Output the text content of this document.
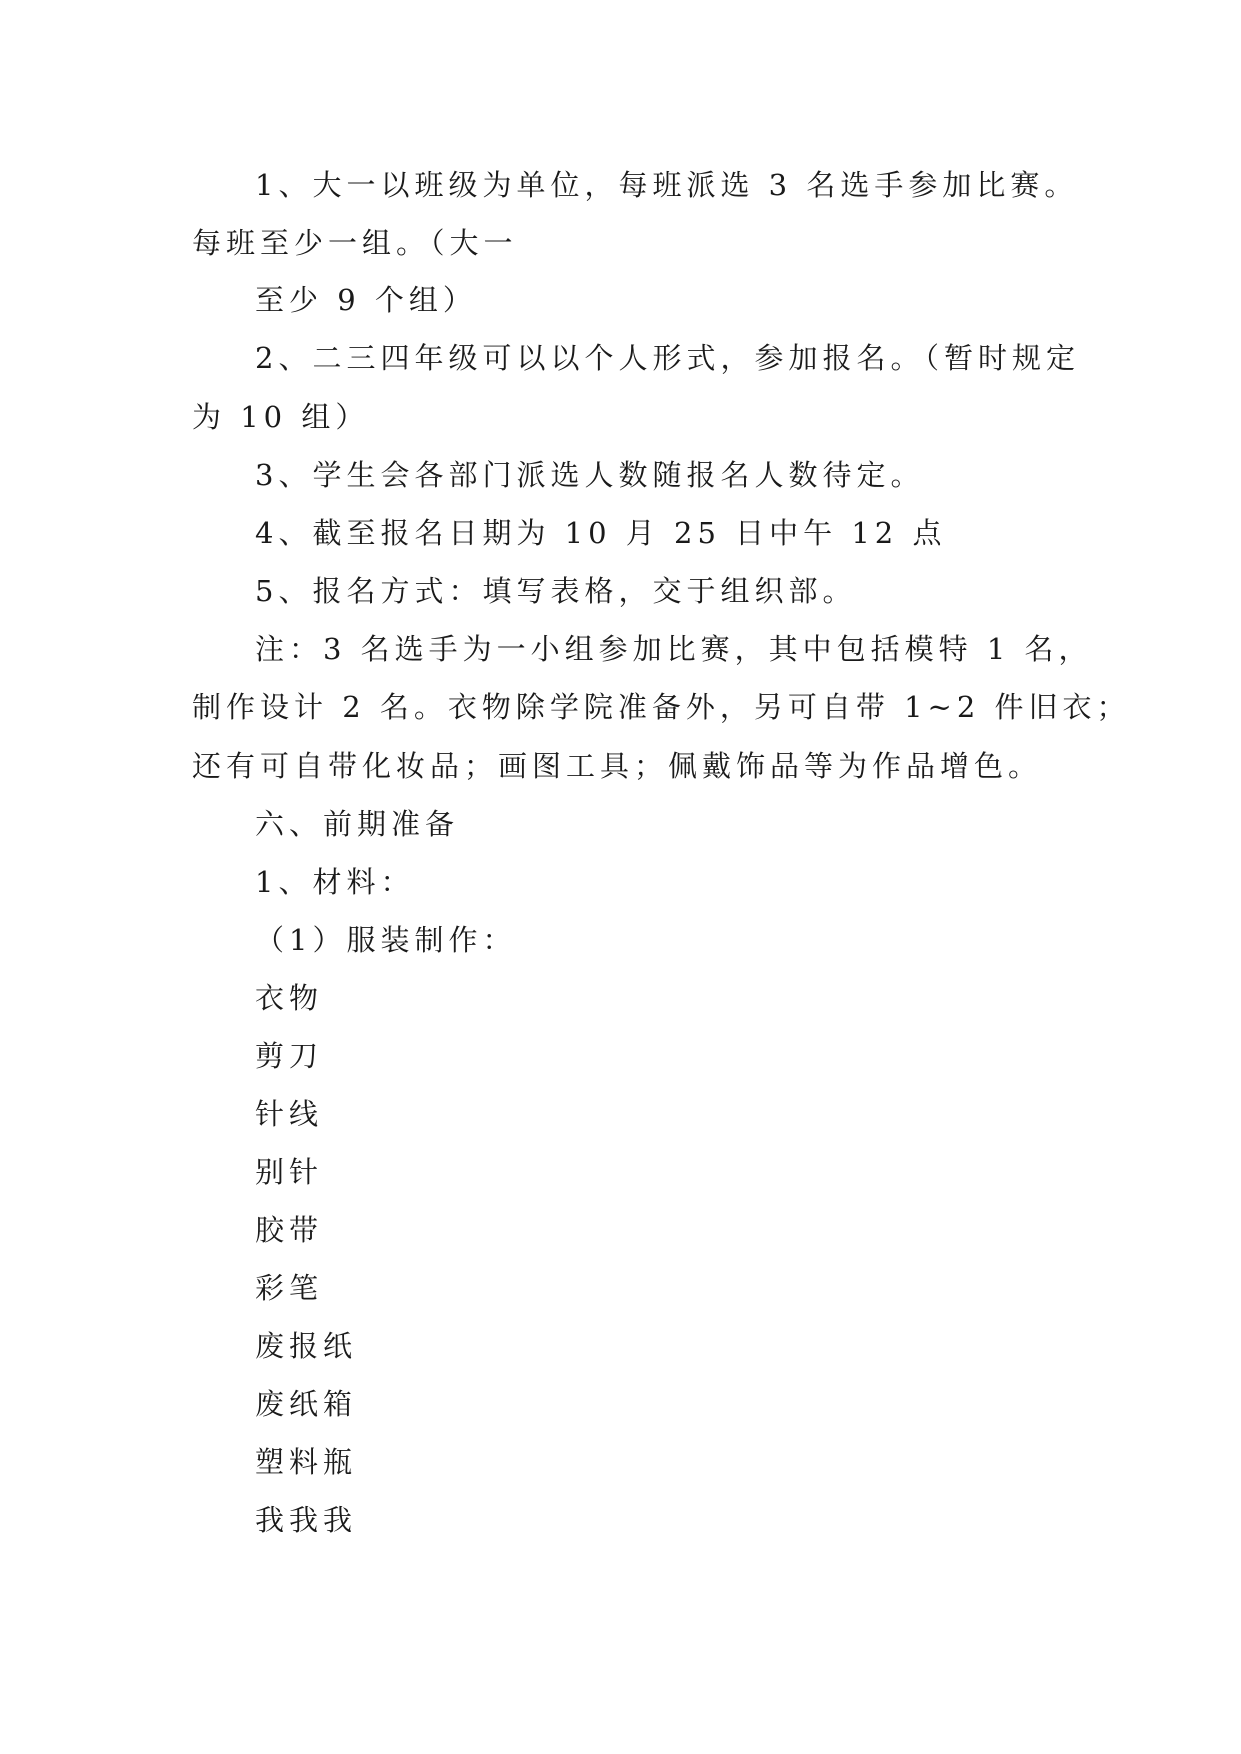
1、大一以班级为单位，每班派选 3 名选手参加比赛。
每班至少一组。（大一
至少 9 个组）
2、二三四年级可以以个人形式，参加报名。（暂时规定
为 10 组）
3、学生会各部门派选人数随报名人数待定。
4、截至报名日期为 10 月 25 日中午 12 点
5、报名方式：填写表格，交于组织部。
注：3 名选手为一小组参加比赛，其中包括模特 1 名，
制作设计 2 名。衣物除学院准备外，另可自带 1~2 件旧衣；
还有可自带化妆品；画图工具；佩戴饰品等为作品增色。
六、前期准备
1、材料：
（1）服装制作：
衣物
剪刀
针线
别针
胶带
彩笔
废报纸
废纸箱
塑料瓶
我我我
